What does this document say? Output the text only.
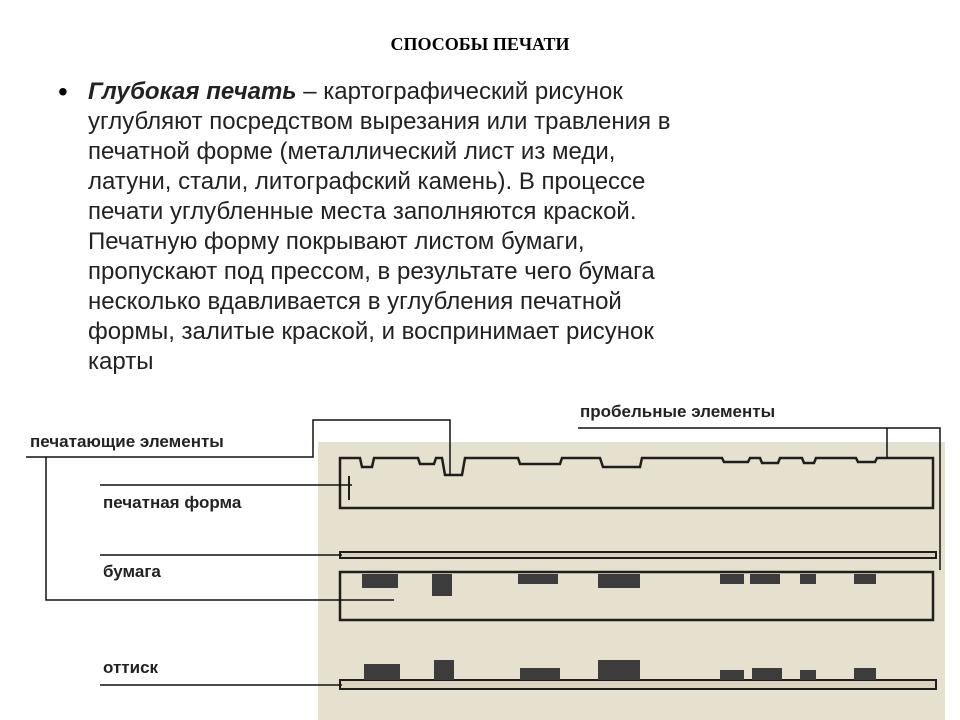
СПОСОБЫ ПЕЧАТИ
• Глубокая печать – картографический рисунок
углубляют посредством вырезания или травления в
печатной форме (металлический лист из меди,
латуни, стали, литографский камень). В процессе
печати углубленные места заполняются краской.
Печатную форму покрывают листом бумаги,
пропускают под прессом, в результате чего бумага
несколько вдавливается в углубления печатной
формы, залитые краской, и воспринимает рисунок
карты
печатающие элементы
пробельные элементы
печатная форма
бумага
оттиск
